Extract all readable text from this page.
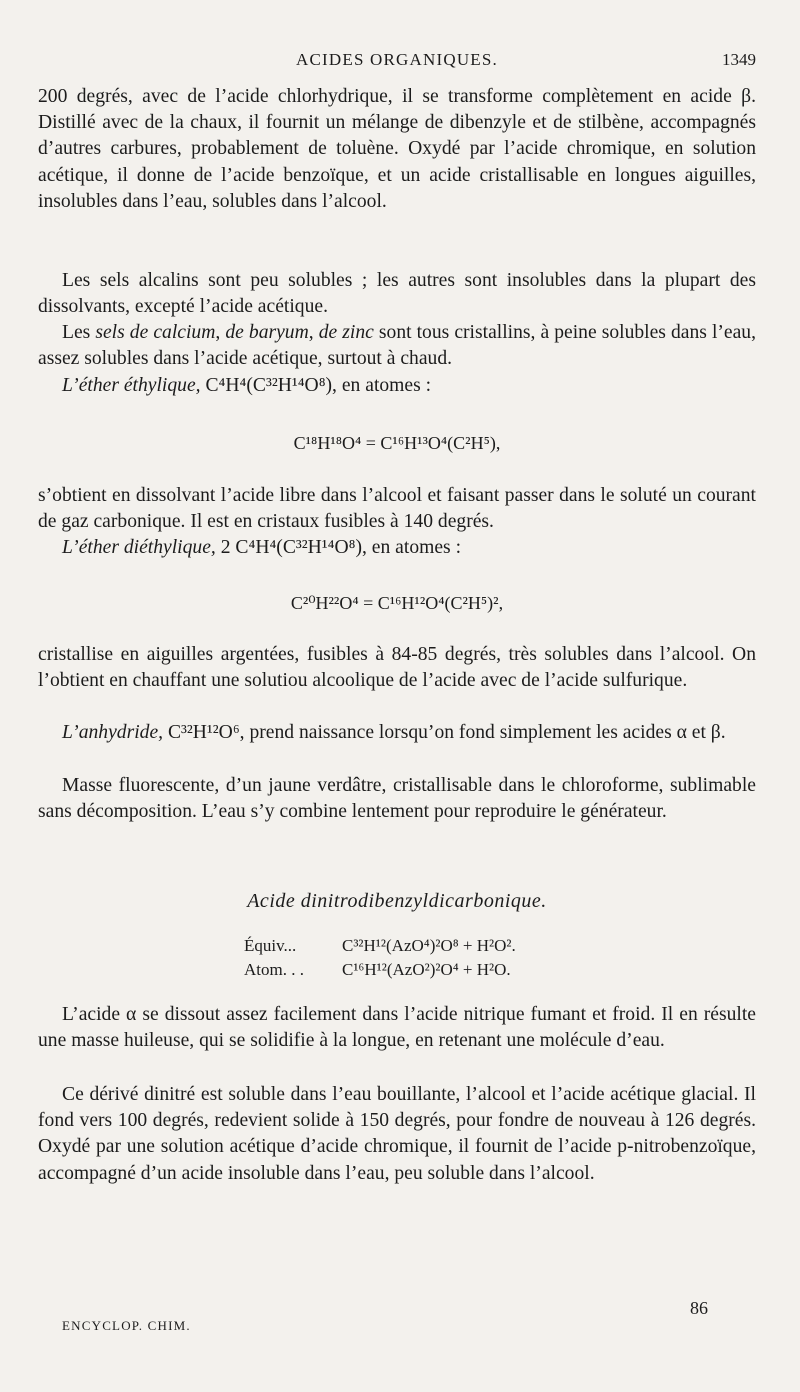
ACIDES ORGANIQUES.	1349
200 degrés, avec de l’acide chlorhydrique, il se transforme complètement en acide β. Distillé avec de la chaux, il fournit un mélange de dibenzyle et de stilbène, accompagnés d’autres carbures, probablement de toluène. Oxydé par l’acide chromique, en solution acétique, il donne de l’acide benzoïque, et un acide cristallisable en longues aiguilles, insolubles dans l’eau, solubles dans l’alcool.
Les sels alcalins sont peu solubles ; les autres sont insolubles dans la plupart des dissolvants, excepté l’acide acétique.
Les sels de calcium, de baryum, de zinc sont tous cristallins, à peine solubles dans l’eau, assez solubles dans l’acide acétique, surtout à chaud.
L’éther éthylique, C⁴H⁴(C³²H¹⁴O⁸), en atomes :
C¹⁸H¹⁸O⁴ = C¹⁶H¹³O⁴(C²H⁵),
s’obtient en dissolvant l’acide libre dans l’alcool et faisant passer dans le soluté un courant de gaz carbonique. Il est en cristaux fusibles à 140 degrés.
L’éther diéthylique, 2 C⁴H⁴(C³²H¹⁴O⁸), en atomes :
C²⁰H²²O⁴ = C¹⁶H¹²O⁴(C²H⁵)²,
cristallise en aiguilles argentées, fusibles à 84-85 degrés, très solubles dans l’alcool. On l’obtient en chauffant une solutiou alcoolique de l’acide avec de l’acide sulfurique.
L’anhydride, C³²H¹²O⁶, prend naissance lorsqu’on fond simplement les acides α et β.
Masse fluorescente, d’un jaune verdâtre, cristallisable dans le chloroforme, sublimable sans décomposition. L’eau s’y combine lentement pour reproduire le générateur.
Acide dinitrodibenzyldicarbonique.
Équiv...	C³²H¹²(AzO⁴)²O⁸ + H²O².
Atom. . . C¹⁶H¹²(AzO²)²O⁴ + H²O.
L’acide α se dissout assez facilement dans l’acide nitrique fumant et froid. Il en résulte une masse huileuse, qui se solidifie à la longue, en retenant une molécule d’eau.
Ce dérivé dinitré est soluble dans l’eau bouillante, l’alcool et l’acide acétique glacial. Il fond vers 100 degrés, redevient solide à 150 degrés, pour fondre de nouveau à 126 degrés. Oxydé par une solution acétique d’acide chromique, il fournit de l’acide p-nitrobenzoïque, accompagné d’un acide insoluble dans l’eau, peu soluble dans l’alcool.
ENCYCLOP. CHIM.
86
